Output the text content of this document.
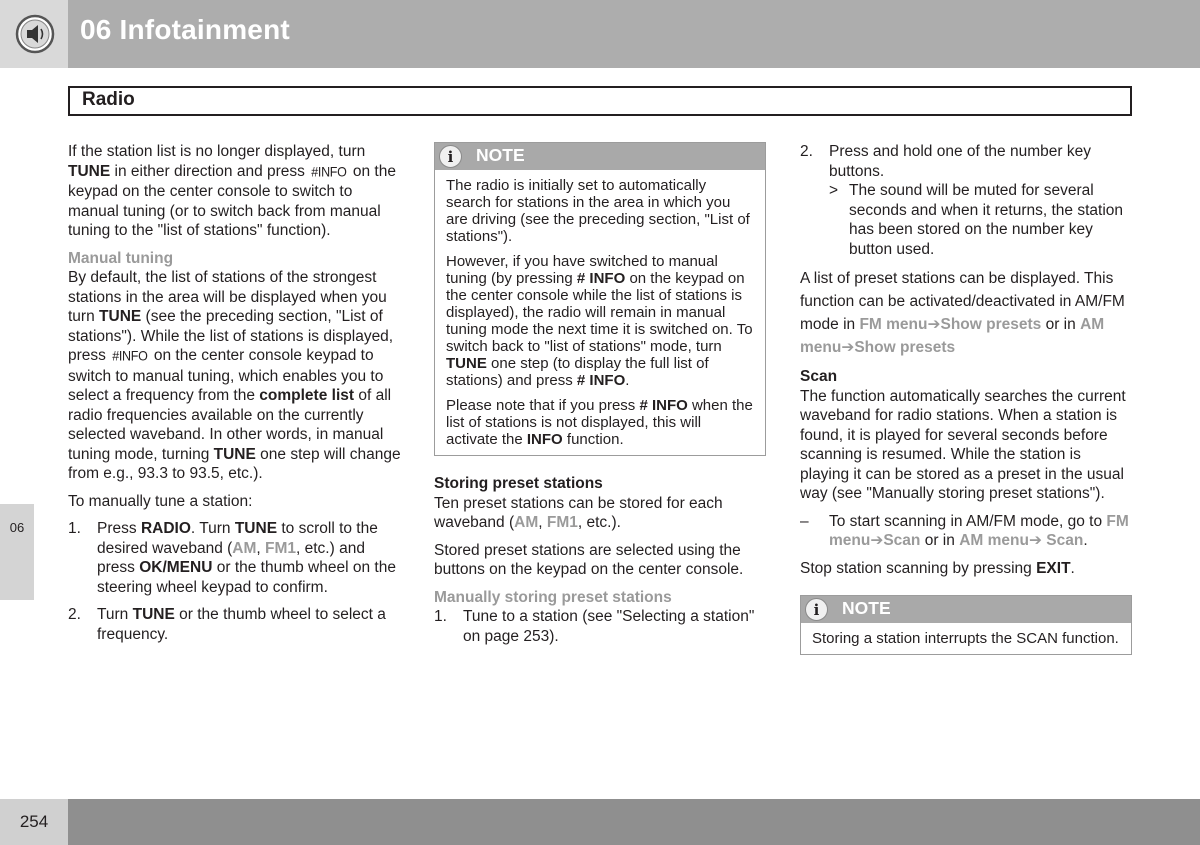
06 Infotainment
Radio
06

If the station list is no longer displayed, turn TUNE in either direction and press #INFO on the keypad on the center console to switch to manual tuning (or to switch back from manual tuning to the "list of stations" function).

Manual tuning

By default, the list of stations of the strongest stations in the area will be displayed when you turn TUNE (see the preceding section, "List of stations"). While the list of stations is displayed, press #INFO on the center console keypad to switch to manual tuning, which enables you to select a frequency from the complete list of all radio frequencies available on the currently selected waveband. In other words, in manual tuning mode, turning TUNE one step will change from e.g., 93.3 to 93.5, etc.).

To manually tune a station:

1. Press RADIO. Turn TUNE to scroll to the desired waveband (AM, FM1, etc.) and press OK/MENU or the thumb wheel on the steering wheel keypad to confirm.
2. Turn TUNE or the thumb wheel to select a frequency.
i	NOTE

The radio is initially set to automatically search for stations in the area in which you are driving (see the preceding section, "List of stations").

However, if you have switched to manual tuning (by pressing # INFO on the keypad on the center console while the list of stations is displayed), the radio will remain in manual tuning mode the next time it is switched on. To switch back to "list of stations" mode, turn TUNE one step (to display the full list of stations) and press # INFO.

Please note that if you press # INFO when the list of stations is not displayed, this will activate the INFO function.

Storing preset stations

Ten preset stations can be stored for each waveband (AM, FM1, etc.).

Stored preset stations are selected using the buttons on the keypad on the center console.

Manually storing preset stations
1. Tune to a station (see "Selecting a station" on page 253).
2. Press and hold one of the number key buttons.
> The sound will be muted for several seconds and when it returns, the station has been stored on the number key button used.

A list of preset stations can be displayed. This function can be activated/deactivated in AM/FM mode in FM menu➔Show presets or in AM menu➔Show presets

Scan

The function automatically searches the current waveband for radio stations. When a station is found, it is played for several seconds before scanning is resumed. While the station is playing it can be stored as a preset in the usual way (see "Manually storing preset stations").

– To start scanning in AM/FM mode, go to FM menu➔Scan or in AM menu➔ Scan.

Stop station scanning by pressing EXIT.

i	NOTE

Storing a station interrupts the SCAN function.

254
